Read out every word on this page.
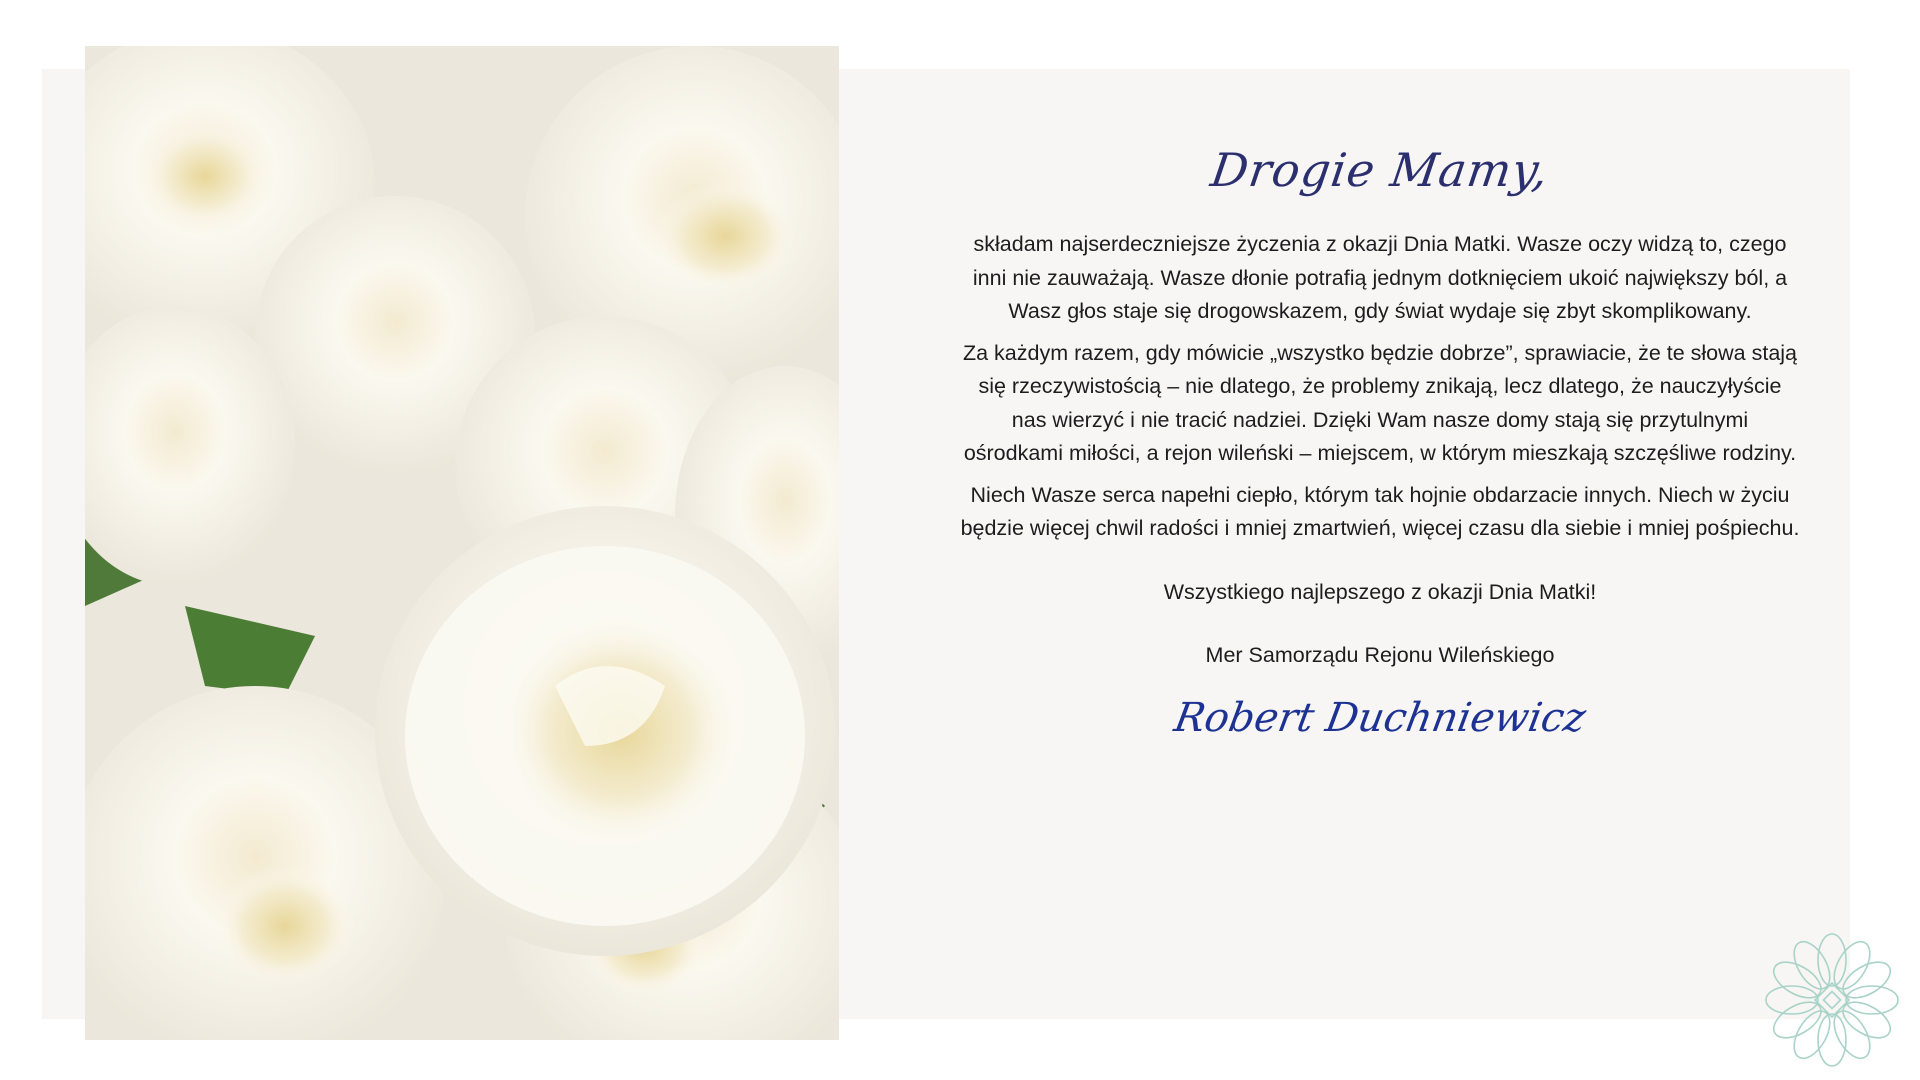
Drogie Mamy,

składam najserdeczniejsze życzenia z okazji Dnia Matki. Wasze oczy widzą to, czego inni nie zauważają. Wasze dłonie potrafią jednym dotknięciem ukoić największy ból, a Wasz głos staje się drogowskazem, gdy świat wydaje się zbyt skomplikowany.

Za każdym razem, gdy mówicie „wszystko będzie dobrze”, sprawiacie, że te słowa stają się rzeczywistością – nie dlatego, że problemy znikają, lecz dlatego, że nauczyłyście nas wierzyć i nie tracić nadziei. Dzięki Wam nasze domy stają się przytulnymi ośrodkami miłości, a rejon wileński – miejscem, w którym mieszkają szczęśliwe rodziny.

Niech Wasze serca napełni ciepło, którym tak hojnie obdarzacie innych. Niech w życiu będzie więcej chwil radości i mniej zmartwień, więcej czasu dla siebie i mniej pośpiechu.

Wszystkiego najlepszego z okazji Dnia Matki!

Mer Samorządu Rejonu Wileńskiego

Robert Duchniewicz
